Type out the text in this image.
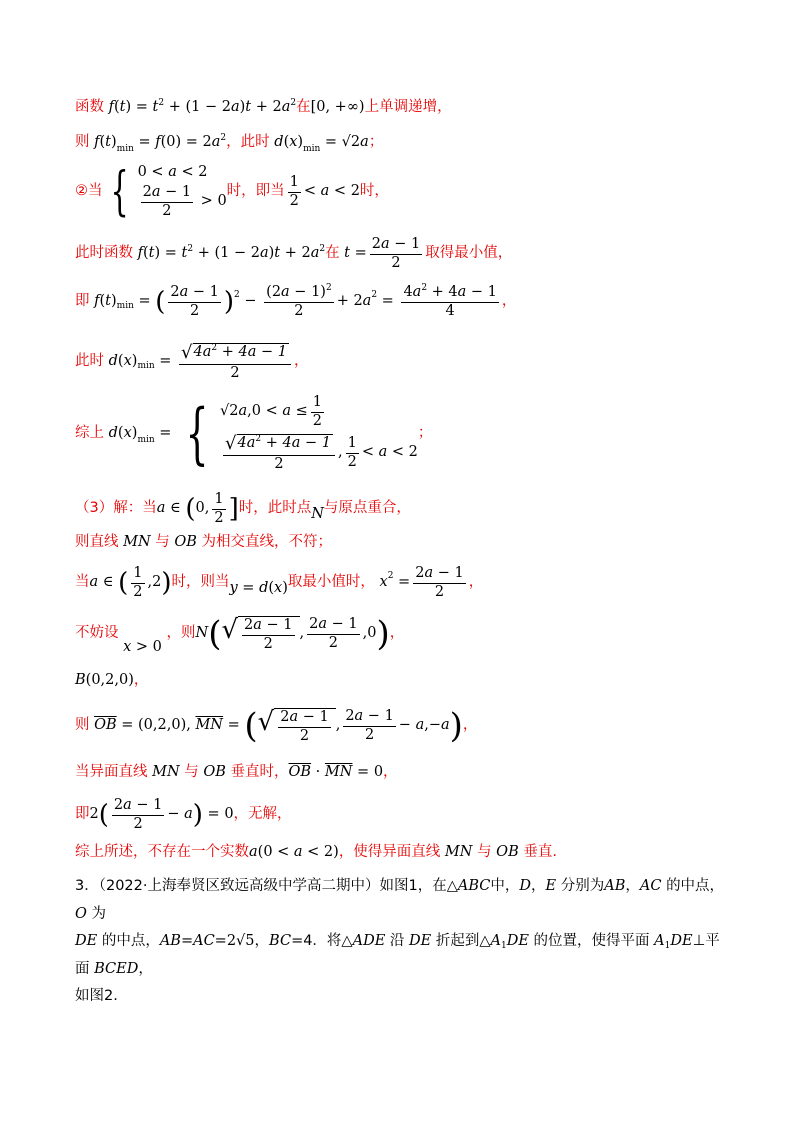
函数 $f(t) = t^2 + (1 - 2a)t + 2a^2$ 在 [0, +∞) 上单调递增，
则 $f(t)_{min} = f(0) = 2a^2$ ，此时 $d(x)_{min} = √2a$ ；
②当 { 0 < a < 2
$\frac{2a - 1}{2} > 0$
时，即当 $\frac{1}{2} < a < 2$ 时，
此时函数 $f(t) = t^2 + (1 - 2a)t + 2a^2$ 在 $t = \frac{2a - 1}{2}$ 取得最小值，
即 f ( t ) min = ( $\frac{2a - 1}{2}$ ) $2 - \frac{(2a - 1)^2}{2} + 2$ a $2 = \frac{4a^2 + 4a - 1}{4}$ ，
此时 d ( x ) $\min = \frac{√ 4a^2 + 4a - 1}{2}$ ，
综上 $d(x)_{min}$ = { √2 a $,0 < a \le \frac{1}{2}$
$\frac{√ 4a^2 + 4a - 1}{2}$ , $\frac{1}{2} < a < 2$
；
（3）解：当 a ∈ ( 0, $\frac{1}{2}$ ] 时，此时点 N 与原点重合，
则直线 MN 与 OB 为相交直线，不符；
当 a ∈ ( $\frac{1}{2} ,2$ ) 时，则当 y = d(x) 取最小值时， x $2 = \frac{2a - 1}{2}$ ，
不妨设
x > 0
，则 N ( √ $\frac{2a - 1}{2}$ , $\frac{2a - 1}{2} ,0$ ) ，
B(0,2,0) ，
则
$\overline{OB} = (0,2,0)$, $\overline{MN}$ = ( √ $\frac{2a - 1}{2}$ , $\frac{2a - 1}{2} - a$ ,− a ) ，
当异面直线 MN 与 OB 垂直时， $\overline{OB} \cdot \overline{MN} = 0$ ，
即 2 ( $\frac{2a - 1}{2} - a$ ) = 0 ，无解，
综上所述，不存在一个实数 a(0 < a < 2) ，使得异面直线 MN 与 OB 垂直.
3．（2022·上海奉贤区致远高级中学高二期中）如图1，在△ABC中，D，E 分别为AB，AC 的中点，O 为
DE 的中点，AB=AC=2√5，BC=4．将△ADE 沿 DE 折起到$\triangle A_1DE$ 的位置，使得平面 $A_1DE\perp$平面 BCED，
如图2.
